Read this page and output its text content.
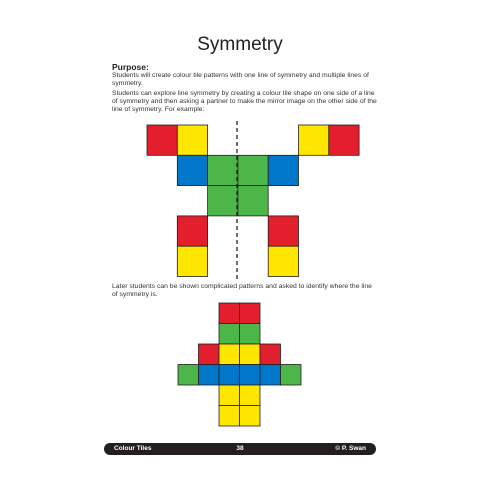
Symmetry
Purpose:
Students will create colour tile patterns with one line of symmetry and multiple lines of symmetry.
Students can explore line symmetry by creating a colour tile shape on one side of a line of symmetry and then asking a partner to make the mirror image on the other side of the line of symmetry. For example:
Later students can be shown complicated patterns and asked to identify where the line of symmetry is.
Colour Tiles	38	© P. Swan
